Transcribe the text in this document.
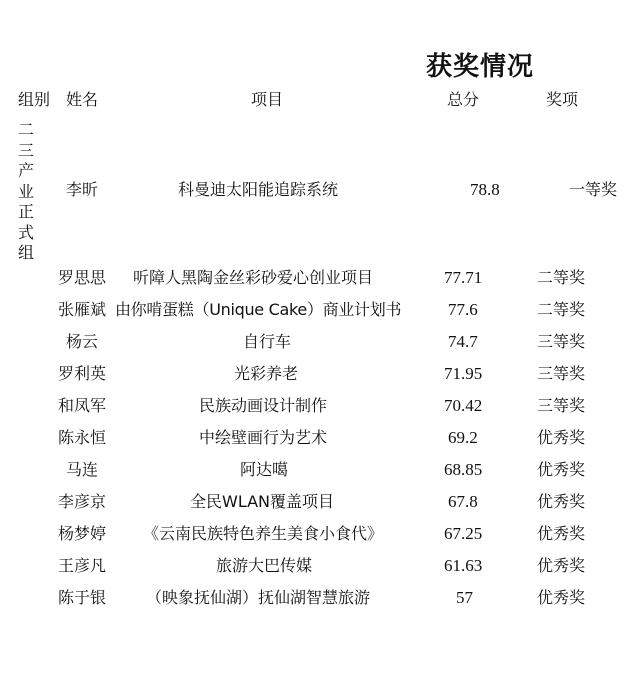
获奖情况
组别 姓名	项目	总分	奖项
二三产业正式组
李昕	科曼迪太阳能追踪系统	78.8	一等奖
罗思思 听障人黑陶金丝彩砂爱心创业项目	77.71	二等奖
张雁斌 由你啃蛋糕（Unique Cake）商业计划书	77.6	二等奖
杨云	自行车	74.7	三等奖
罗利英	光彩养老	71.95	三等奖
和凤军	民族动画设计制作	70.42	三等奖
陈永恒	中绘壁画行为艺术	69.2	优秀奖
马连	阿达噶	68.85	优秀奖
李彦京	全民WLAN覆盖项目	67.8	优秀奖
杨梦婷 《云南民族特色养生美食小食代》	67.25	优秀奖
王彦凡	旅游大巴传媒	61.63	优秀奖
陈于银 （映象抚仙湖）抚仙湖智慧旅游	57	优秀奖
